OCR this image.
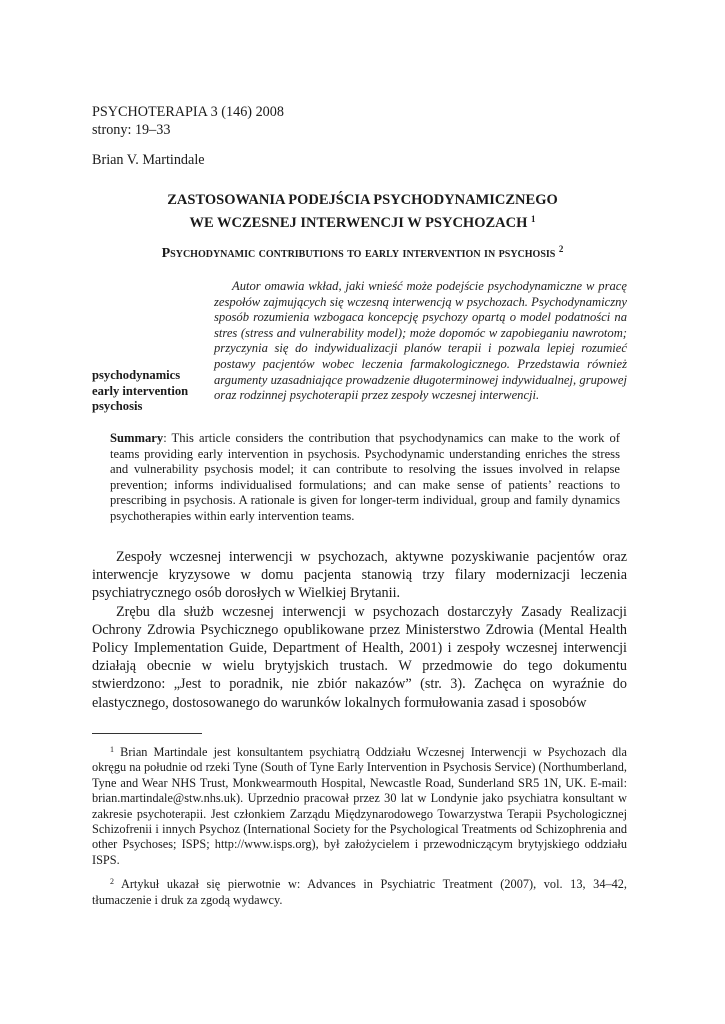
PSYCHOTERAPIA 3 (146) 2008
strony: 19–33
Brian V. Martindale
ZASTOSOWANIA PODEJŚCIA PSYCHODYNAMICZNEGO
WE WCZESNEJ INTERWENCJI W PSYCHOZACH $^1$
Psychodynamic contributions to early intervention in psychosis $^2$
psychodynamics
early intervention
psychosis

Autor omawia wkład, jaki wnieść może podejście psychodynamiczne w pracę zespołów zajmujących się wczesną interwencją w psychozach. Psychodynamiczny sposób rozumienia wzbogaca koncepcję psychozy opartą o model podatności na stres (stress and vulnerability model); może dopomóc w zapobieganiu nawrotom; przyczynia się do indywidualizacji planów terapii i pozwala lepiej rozumieć postawy pacjentów wobec leczenia farmakologicznego. Przedstawia również argumenty uzasadniające prowadzenie długoterminowej indywidualnej, grupowej oraz rodzinnej psychoterapii przez zespoły wczesnej interwencji.

Summary: This article considers the contribution that psychodynamics can make to the work of teams providing early intervention in psychosis. Psychodynamic understanding enriches the stress and vulnerability psychosis model; it can contribute to resolving the issues involved in relapse prevention; informs individualised formulations; and can make sense of patients’ reactions to prescribing in psychosis. A rationale is given for longer-term individual, group and family dynamics psychotherapies within early intervention teams.

Zespoły wczesnej interwencji w psychozach, aktywne pozyskiwanie pacjentów oraz interwencje kryzysowe w domu pacjenta stanowią trzy filary modernizacji leczenia psychiatrycznego osób dorosłych w Wielkiej Brytanii.

Zrębu dla służb wczesnej interwencji w psychozach dostarczyły Zasady Realizacji Ochrony Zdrowia Psychicznego opublikowane przez Ministerstwo Zdrowia (Mental Health Policy Implementation Guide, Department of Health, 2001) i zespoły wczesnej interwencji działają obecnie w wielu brytyjskich trustach. W przedmowie do tego dokumentu stwierdzono: „Jest to poradnik, nie zbiór nakazów” (str. 3). Zachęca on wyraźnie do elastycznego, dostosowanego do warunków lokalnych formułowania zasad i sposobów

$^1$ Brian Martindale jest konsultantem psychiatrą Oddziału Wczesnej Interwencji w Psychozach dla okręgu na południe od rzeki Tyne (South of Tyne Early Intervention in Psychosis Service) (Northumberland, Tyne and Wear NHS Trust, Monkwearmouth Hospital, Newcastle Road, Sunderland SR5 1N, UK. E-mail: brian.martindale@stw.nhs.uk). Uprzednio pracował przez 30 lat w Londynie jako psychiatra konsultant w zakresie psychoterapii. Jest członkiem Zarządu Międzynarodowego Towarzystwa Terapii Psychologicznej Schizofrenii i innych Psychoz (International Society for the Psychological Treatments od Schizophrenia and other Psychoses; ISPS; http://www.isps.org), był założycielem i przewodniczącym brytyjskiego oddziału ISPS.

$^2$ Artykuł ukazał się pierwotnie w: Advances in Psychiatric Treatment (2007), vol. 13, 34–42, tłumaczenie i druk za zgodą wydawcy.
